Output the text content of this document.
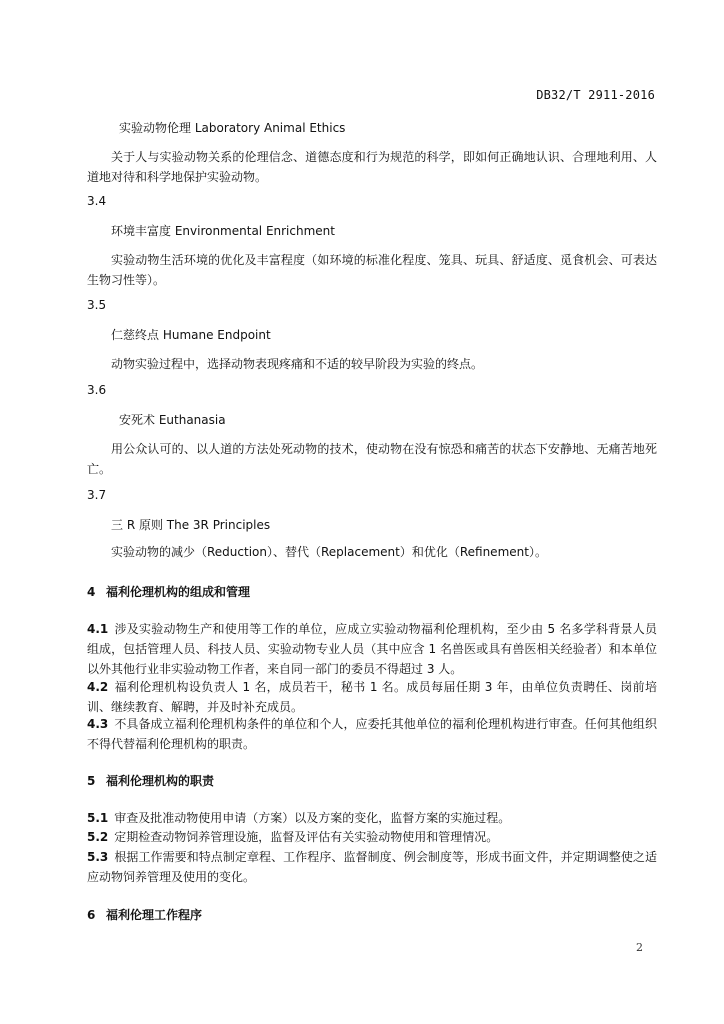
DB32/T 2911-2016
实验动物伦理 Laboratory Animal Ethics
关于人与实验动物关系的伦理信念、道德态度和行为规范的科学，即如何正确地认识、合理地利用、人道地对待和科学地保护实验动物。
3.4
环境丰富度 Environmental Enrichment
实验动物生活环境的优化及丰富程度（如环境的标准化程度、笼具、玩具、舒适度、觅食机会、可表达生物习性等）。
3.5
仁慈终点 Humane Endpoint
动物实验过程中，选择动物表现疼痛和不适的较早阶段为实验的终点。
3.6
安死术 Euthanasia
用公众认可的、以人道的方法处死动物的技术，使动物在没有惊恐和痛苦的状态下安静地、无痛苦地死亡。
3.7
三 R 原则 The 3R Principles
实验动物的减少（Reduction）、替代（Replacement）和优化（Refinement）。
4 福利伦理机构的组成和管理
4.1 涉及实验动物生产和使用等工作的单位，应成立实验动物福利伦理机构，至少由 5 名多学科背景人员组成，包括管理人员、科技人员、实验动物专业人员（其中应含 1 名兽医或具有兽医相关经验者）和本单位以外其他行业非实验动物工作者，来自同一部门的委员不得超过 3 人。
4.2 福利伦理机构设负责人 1 名，成员若干，秘书 1 名。成员每届任期 3 年，由单位负责聘任、岗前培训、继续教育、解聘，并及时补充成员。
4.3 不具备成立福利伦理机构条件的单位和个人，应委托其他单位的福利伦理机构进行审查。任何其他组织不得代替福利伦理机构的职责。
5 福利伦理机构的职责
5.1 审查及批准动物使用申请（方案）以及方案的变化，监督方案的实施过程。
5.2 定期检查动物饲养管理设施，监督及评估有关实验动物使用和管理情况。
5.3 根据工作需要和特点制定章程、工作程序、监督制度、例会制度等，形成书面文件，并定期调整使之适应动物饲养管理及使用的变化。
6 福利伦理工作程序
2
